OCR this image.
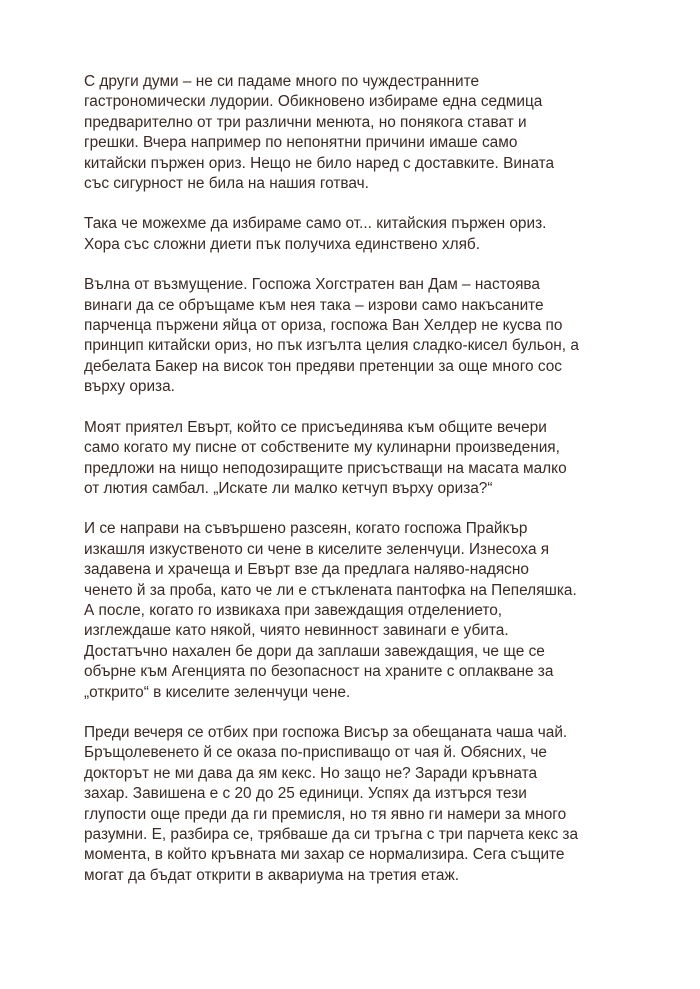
С други думи – не си падаме много по чуждестранните
гастрономически лудории. Обикновено избираме една седмица
предварително от три различни менюта, но понякога стават и
грешки. Вчера например по непонятни причини имаше само
китайски пържен ориз. Нещо не било наред с доставките. Вината
със сигурност не била на нашия готвач.

Така че можехме да избираме само от... китайския пържен ориз.
Хора със сложни диети пък получиха единствено хляб.

Вълна от възмущение. Госпожа Хогстратен ван Дам – настоява
винаги да се обръщаме към нея така – изрови само накъсаните
парченца пържени яйца от ориза, госпожа Ван Хелдер не кусва по
принцип китайски ориз, но пък изгълта целия сладко-кисел бульон, а
дебелата Бакер на висок тон предяви претенции за още много сос
върху ориза.

Моят приятел Евърт, който се присъединява към общите вечери
само когато му писне от собствените му кулинарни произведения,
предложи на нищо неподозиращите присъстващи на масата малко
от лютия самбал. „Искате ли малко кетчуп върху ориза?“

И се направи на съвършено разсеян, когато госпожа Прайкър
изкашля изкуственото си чене в киселите зеленчуци. Изнесоха я
задавена и храчеща и Евърт взе да предлага наляво-надясно
ченето й за проба, като че ли е стъклената пантофка на Пепеляшка.
А после, когато го извикаха при завеждащия отделението,
изглеждаше като някой, чиято невинност завинаги е убита.
Достатъчно нахален бе дори да заплаши завеждащия, че ще се
обърне към Агенцията по безопасност на храните с оплакване за
„открито“ в киселите зеленчуци чене.

Преди вечеря се отбих при госпожа Висър за обещаната чаша чай.
Бръщолевенето й се оказа по-приспиващо от чая й. Обясних, че
докторът не ми дава да ям кекс. Но защо не? Заради кръвната
захар. Завишена е с 20 до 25 единици. Успях да изтърся тези
глупости още преди да ги премисля, но тя явно ги намери за много
разумни. Е, разбира се, трябваше да си тръгна с три парчета кекс за
момента, в който кръвната ми захар се нормализира. Сега същите
могат да бъдат открити в аквариума на третия етаж.
